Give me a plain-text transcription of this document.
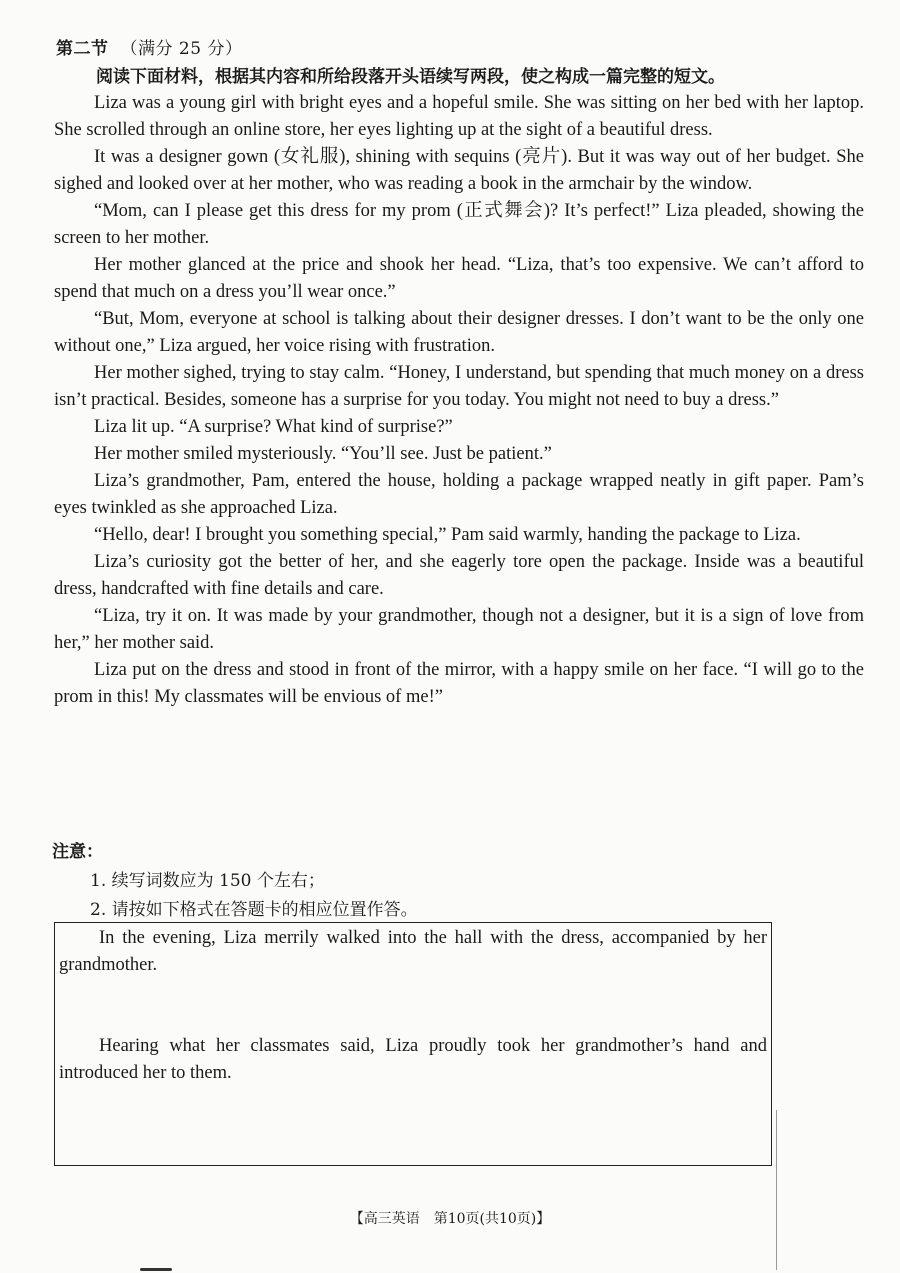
第二节 （满分 25 分）
阅读下面材料，根据其内容和所给段落开头语续写两段，使之构成一篇完整的短文。

Liza was a young girl with bright eyes and a hopeful smile. She was sitting on her bed with her laptop. She scrolled through an online store, her eyes lighting up at the sight of a beautiful dress.

It was a designer gown (女礼服), shining with sequins (亮片). But it was way out of her budget. She sighed and looked over at her mother, who was reading a book in the armchair by the window.

“Mom, can I please get this dress for my prom (正式舞会)? It’s perfect!” Liza pleaded, showing the screen to her mother.

Her mother glanced at the price and shook her head. “Liza, that’s too expensive. We can’t afford to spend that much on a dress you’ll wear once.”

“But, Mom, everyone at school is talking about their designer dresses. I don’t want to be the only one without one,” Liza argued, her voice rising with frustration.

Her mother sighed, trying to stay calm. “Honey, I understand, but spending that much money on a dress isn’t practical. Besides, someone has a surprise for you today. You might not need to buy a dress.”

Liza lit up. “A surprise? What kind of surprise?”

Her mother smiled mysteriously. “You’ll see. Just be patient.”

Liza’s grandmother, Pam, entered the house, holding a package wrapped neatly in gift paper. Pam’s eyes twinkled as she approached Liza.

“Hello, dear! I brought you something special,” Pam said warmly, handing the package to Liza.

Liza’s curiosity got the better of her, and she eagerly tore open the package. Inside was a beautiful dress, handcrafted with fine details and care.

“Liza, try it on. It was made by your grandmother, though not a designer, but it is a sign of love from her,” her mother said.

Liza put on the dress and stood in front of the mirror, with a happy smile on her face. “I will go to the prom in this! My classmates will be envious of me!”

注意：
1. 续写词数应为 150 个左右；
2. 请按如下格式在答题卡的相应位置作答。

In the evening, Liza merrily walked into the hall with the dress, accompanied by her grandmother.

Hearing what her classmates said, Liza proudly took her grandmother’s hand and introduced her to them.

【高三英语　第10页(共10页)】
